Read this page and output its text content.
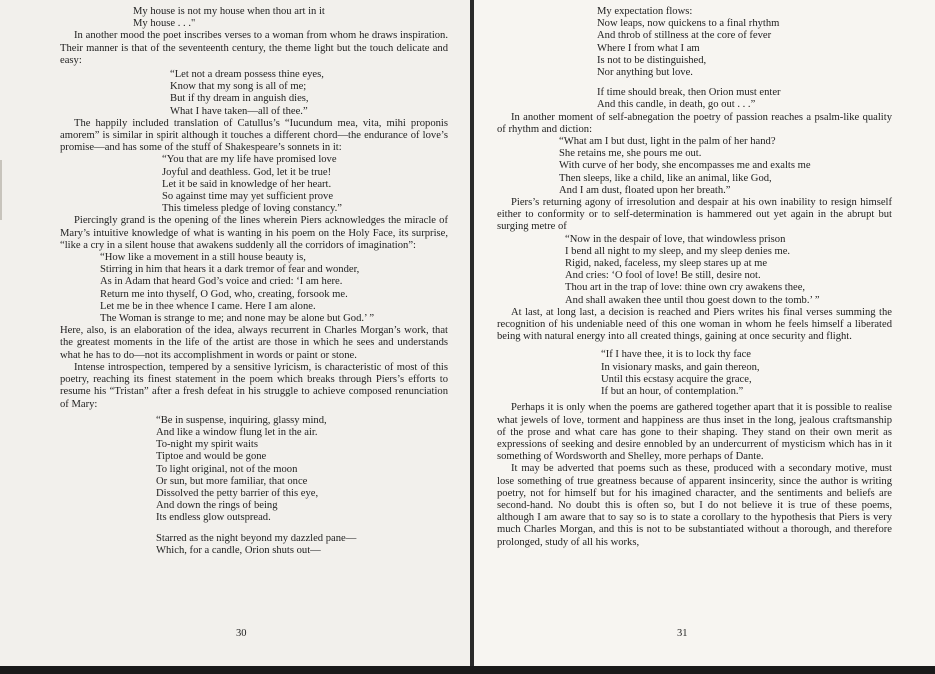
My house is not my house when thou art in it
My house . . ."

In another mood the poet inscribes verses to a woman from whom he draws inspiration. Their manner is that of the seventeenth century, the theme light but the touch delicate and easy:

“Let not a dream possess thine eyes,
Know that my song is all of me;
But if thy dream in anguish dies,
What I have taken—all of thee.”

The happily included translation of Catullus’s “Iucundum mea, vita, mihi proponis amorem” is similar in spirit although it touches a different chord—the endurance of love’s promise—and has some of the stuff of Shakespeare’s sonnets in it:

“You that are my life have promised love
Joyful and deathless. God, let it be true!
Let it be said in knowledge of her heart.
So against time may yet sufficient prove
This timeless pledge of loving constancy.”

Piercingly grand is the opening of the lines wherein Piers acknowledges the miracle of Mary’s intuitive knowledge of what is wanting in his poem on the Holy Face, its surprise, “like a cry in a silent house that awakens suddenly all the corridors of imagination”:

“How like a movement in a still house beauty is,
Stirring in him that hears it a dark tremor of fear and wonder,
As in Adam that heard God’s voice and cried: ‘I am here.
Return me into thyself, O God, who, creating, forsook me.
Let me be in thee whence I came. Here I am alone.
The Woman is strange to me; and none may be alone but God.’ ”

Here, also, is an elaboration of the idea, always recurrent in Charles Morgan’s work, that the greatest moments in the life of the artist are those in which he sees and understands what he has to do—not its accomplishment in words or paint or stone.

Intense introspection, tempered by a sensitive lyricism, is characteristic of most of this poetry, reaching its finest statement in the poem which breaks through Piers’s efforts to resume his “Tristan” after a fresh defeat in his struggle to achieve composed renunciation of Mary:

“Be in suspense, inquiring, glassy mind,
And like a window flung let in the air.
To-night my spirit waits
Tiptoe and would be gone
To light original, not of the moon
Or sun, but more familiar, that once
Dissolved the petty barrier of this eye,
And down the rings of being
Its endless glow outspread.
Starred as the night beyond my dazzled pane—
Which, for a candle, Orion shuts out—
30
My expectation flows:
Now leaps, now quickens to a final rhythm
And throb of stillness at the core of fever
Where I from what I am
Is not to be distinguished,
Nor anything but love.
If time should break, then Orion must enter
And this candle, in death, go out . . .”

In another moment of self-abnegation the poetry of passion reaches a psalm-like quality of rhythm and diction:

“What am I but dust, light in the palm of her hand?
She retains me, she pours me out.
With curve of her body, she encompasses me and exalts me
Then sleeps, like a child, like an animal, like God,
And I am dust, floated upon her breath.”

Piers’s returning agony of irresolution and despair at his own inability to resign himself either to conformity or to self-determination is hammered out yet again in the abrupt but surging metre of

“Now in the despair of love, that windowless prison
I bend all night to my sleep, and my sleep denies me.
Rigid, naked, faceless, my sleep stares up at me
And cries: ‘O fool of love! Be still, desire not.
Thou art in the trap of love: thine own cry awakens thee,
And shall awaken thee until thou goest down to the tomb.’ ”

At last, at long last, a decision is reached and Piers writes his final verses summing the recognition of his undeniable need of this one woman in whom he feels himself a liberated being with natural energy into all created things, gaining at once security and flight.

“If I have thee, it is to lock thy face
In visionary masks, and gain thereon,
Until this ecstasy acquire the grace,
If but an hour, of contemplation.”

Perhaps it is only when the poems are gathered together apart that it is possible to realise what jewels of love, torment and happiness are thus inset in the long, jealous craftsmanship of the prose and what care has gone to their shaping. They stand on their own merit as expressions of seeking and desire ennobled by an undercurrent of mysticism which has in it something of Wordsworth and Shelley, more perhaps of Dante.

It may be adverted that poems such as these, produced with a secondary motive, must lose something of true greatness because of apparent insincerity, since the author is writing poetry, not for himself but for his imagined character, and the sentiments and beliefs are second-hand. No doubt this is often so, but I do not believe it is true of these poems, although I am aware that to say so is to state a corollary to the hypothesis that Piers is very much Charles Morgan, and this is not to be substantiated without a thorough, and therefore prolonged, study of all his works,

31
